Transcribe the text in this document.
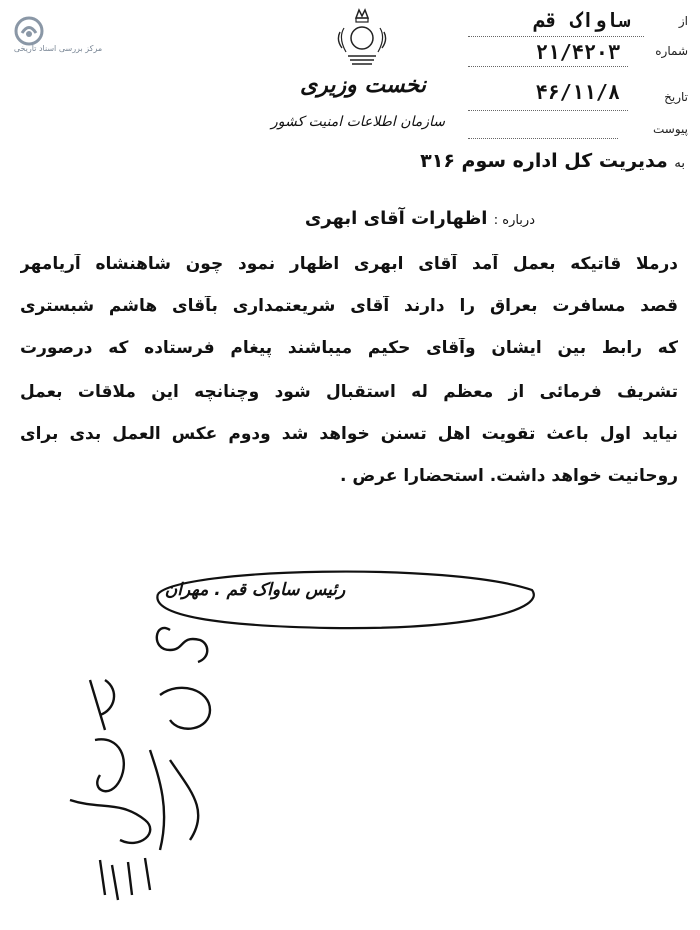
مرکز بررسی اسناد تاریخی
نخست وزیری
سازمان اطلاعات امنیت کشور
از
ساواک قم
شماره
۲۱/۴۲۰۳
تاریخ
۴۶/۱۱/۸
پیوست
به مدیریت کل اداره سوم ۳۱۶
درباره : اظهارات آقای ابهری
درملا قاتیکه بعمل آمد آقای ابهری اظهار نمود چون شاهنشاه آریامهر
قصد مسافرت بعراق را دارند آقای شریعتمداری بآقای هاشم شبستری
که رابط بین ایشان وآقای حکیم میباشند پیغام فرستاده که درصورت
تشریف فرمائی از معظم له استقبال شود وچنانچه این ملاقات بعمل
نیاید اول باعث تقویت اهل تسنن خواهد شد ودوم عکس العمل بدی برای
روحانیت خواهد داشت. استحضارا عرض .
رئیس ساواک قم . مهران
